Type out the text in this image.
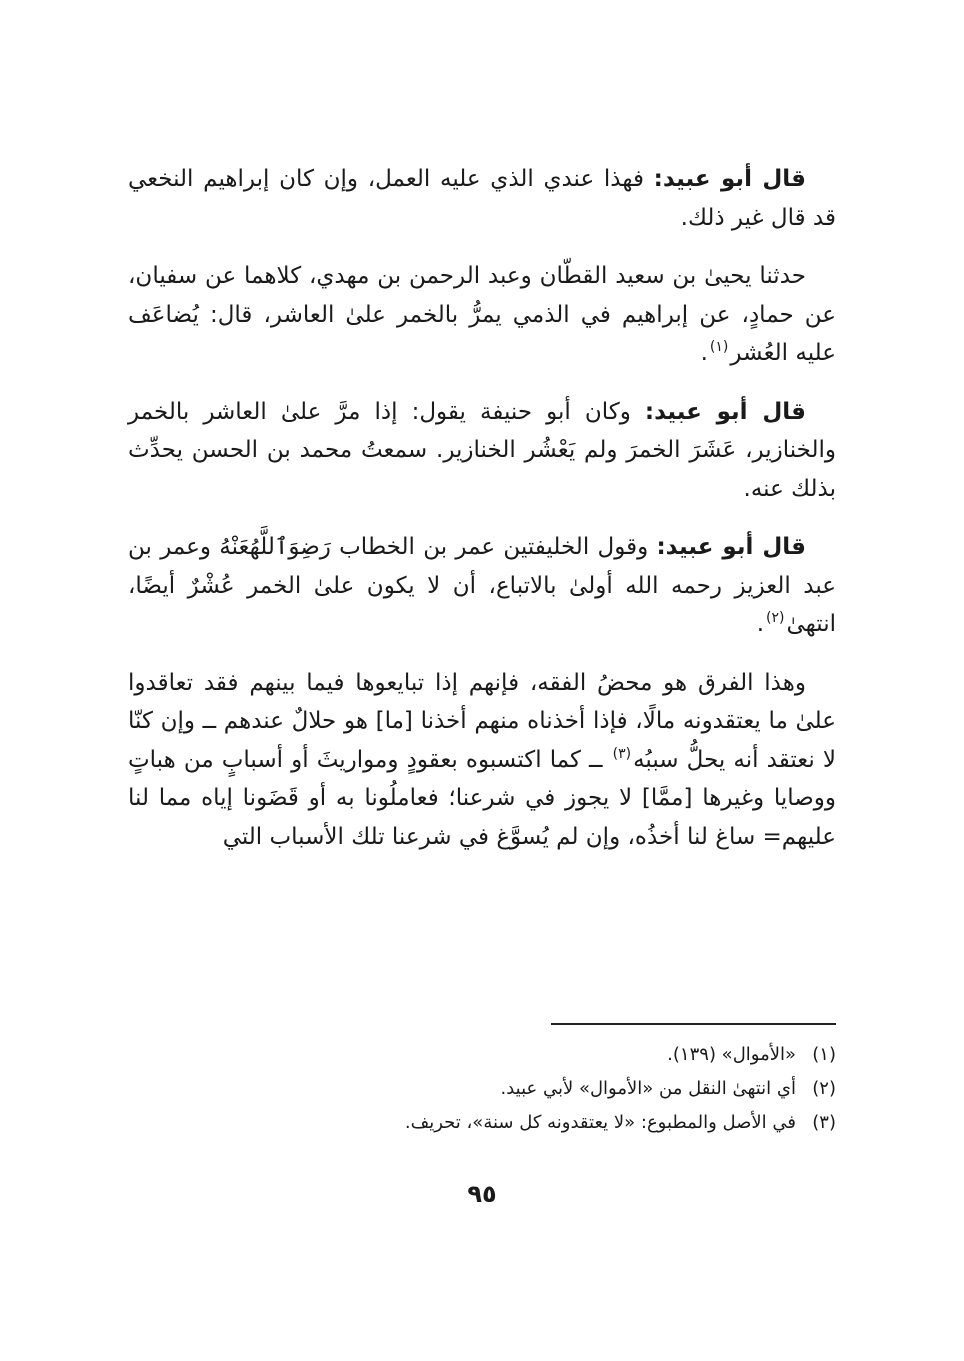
قال أبو عبيد: فهذا عندي الذي عليه العمل، وإن كان إبراهيم النخعي قد قال غير ذلك.

حدثنا يحيىٰ بن سعيد القطّان وعبد الرحمن بن مهدي، كلاهما عن سفيان، عن حمادٍ، عن إبراهيم في الذمي يمرُّ بالخمر علىٰ العاشر، قال: يُضاعَف عليه العُشر$^{(١)}$.

قال أبو عبيد: وكان أبو حنيفة يقول: إذا مرَّ علىٰ العاشر بالخمر والخنازير، عَشَرَ الخمرَ ولم يَعْشُر الخنازير. سمعتُ محمد بن الحسن يحدِّث بذلك عنه.

قال أبو عبيد: وقول الخليفتين عمر بن الخطاب رَضِوَٱللَّهُعَنْهُ وعمر بن عبد العزيز رحمه الله أولىٰ بالاتباع، أن لا يكون علىٰ الخمر عُشْرٌ أيضًا، انتهىٰ$^{(٢)}$.

وهذا الفرق هو محضُ الفقه، فإنهم إذا تبايعوها فيما بينهم فقد تعاقدوا علىٰ ما يعتقدونه مالًا، فإذا أخذناه منهم أخذنا [ما] هو حلالٌ عندهم ــ وإن كنّا لا نعتقد أنه يحلُّ سببُه$^{(٣)}$ ــ كما اكتسبوه بعقودٍ ومواريثَ أو أسبابٍ من هباتٍ ووصايا وغيرها [ممَّا] لا يجوز في شرعنا؛ فعاملُونا به أو قَضَونا إياه مما لنا عليهم= ساغ لنا أخذُه، وإن لم يُسوَّغ في شرعنا تلك الأسباب التي

(١)
«الأموال» (١٣٩).
(٢)
أي انتهىٰ النقل من «الأموال» لأبي عبيد.
(٣)
في الأصل والمطبوع: «لا يعتقدونه كل سنة»، تحريف.
٩٥
